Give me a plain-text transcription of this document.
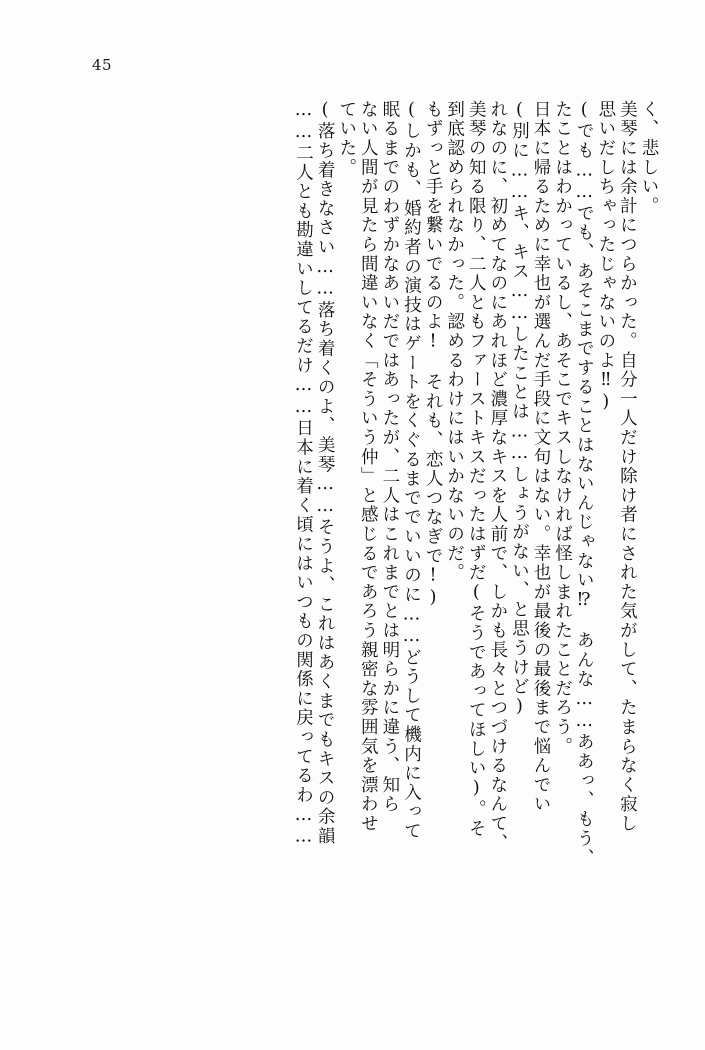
45
く、悲しい。
美琴には余計につらかった。自分一人だけ除け者にされた気がして、たまらなく寂し
思いだしちゃったじゃないのよ‼)
(でも……でも、あそこまですることはないんじゃない⁉　あんな……ああっ、もう、
たことはわかっているし、あそこでキスしなければ怪しまれたことだろう。
日本に帰るために幸也が選んだ手段に文句はない。幸也が最後の最後まで悩んでい
(別に……キ、キス……したことは……しょうがない、と思うけど)
れなのに、初めてなのにあれほど濃厚なキスを人前で、しかも長々とつづけるなんて、
美琴の知る限り、二人ともファーストキスだったはずだ(そうであってほしい)。そ
到底認められなかった。認めるわけにはいかないのだ。
もずっと手を繋いでるのよ!　それも、恋人つなぎで!)
(しかも、婚約者の演技はゲートをくぐるまででいいのに……どうして機内に入って
眠るまでのわずかなあいだではあったが、二人はこれまでとは明らかに違う、知ら
ない人間が見たら間違いなく「そういう仲」と感じるであろう親密な雰囲気を漂わせ
ていた。
(落ち着きなさい……落ち着くのよ、美琴……そうよ、これはあくまでもキスの余韻
……二人とも勘違いしてるだけ……日本に着く頃にはいつもの関係に戻ってるわ……
